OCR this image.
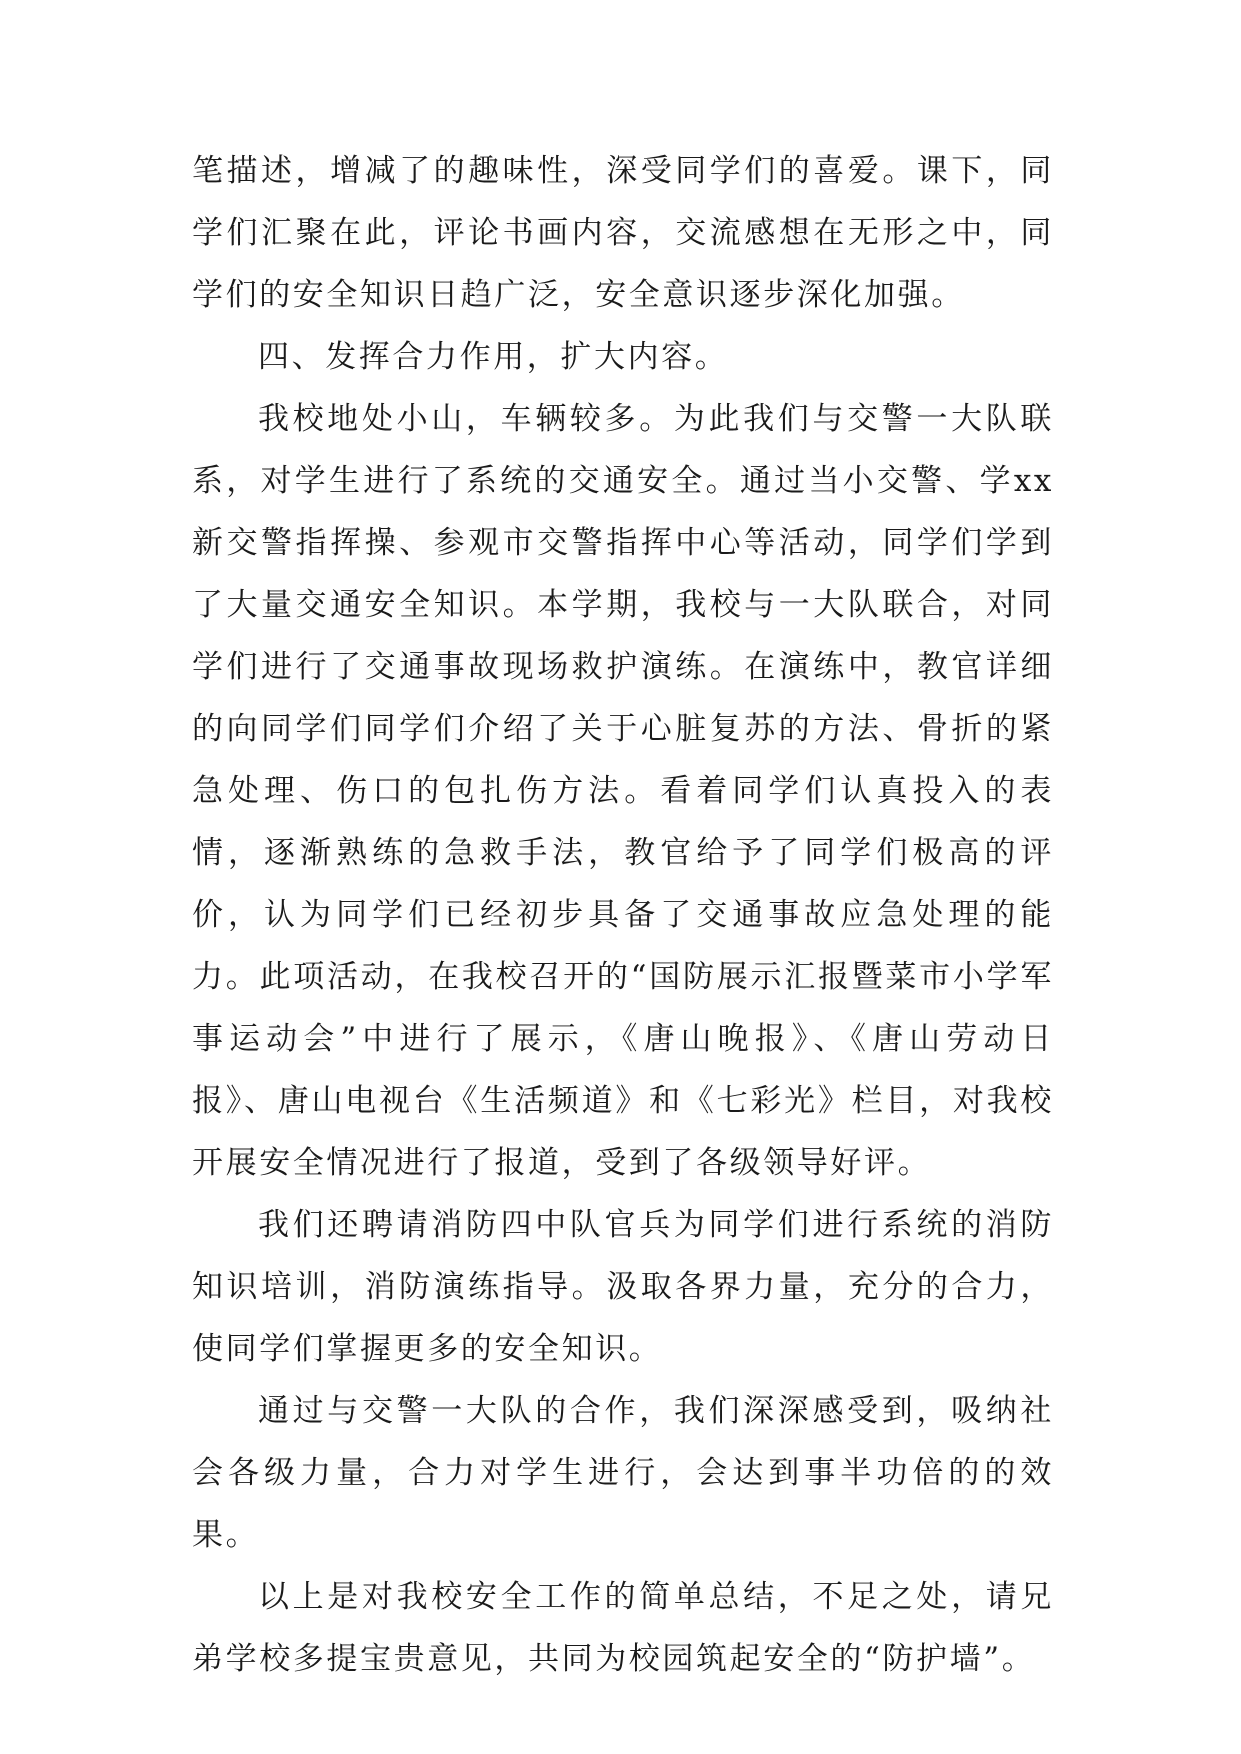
笔描述，增减了的趣味性，深受同学们的喜爱。课下，同学们汇聚在此，评论书画内容，交流感想在无形之中，同学们的安全知识日趋广泛，安全意识逐步深化加强。

四、发挥合力作用，扩大内容。

我校地处小山，车辆较多。为此我们与交警一大队联系，对学生进行了系统的交通安全。通过当小交警、学xx新交警指挥操、参观市交警指挥中心等活动，同学们学到了大量交通安全知识。本学期，我校与一大队联合，对同学们进行了交通事故现场救护演练。在演练中，教官详细的向同学们同学们介绍了关于心脏复苏的方法、骨折的紧急处理、伤口的包扎伤方法。看着同学们认真投入的表情，逐渐熟练的急救手法，教官给予了同学们极高的评价，认为同学们已经初步具备了交通事故应急处理的能力。此项活动，在我校召开的“国防展示汇报暨菜市小学军事运动会”中进行了展示，《唐山晚报》、《唐山劳动日报》、唐山电视台《生活频道》和《七彩光》栏目，对我校开展安全情况进行了报道，受到了各级领导好评。

我们还聘请消防四中队官兵为同学们进行系统的消防知识培训，消防演练指导。汲取各界力量，充分的合力，使同学们掌握更多的安全知识。

通过与交警一大队的合作，我们深深感受到，吸纳社会各级力量，合力对学生进行，会达到事半功倍的的效果。

以上是对我校安全工作的简单总结，不足之处，请兄弟学校多提宝贵意见，共同为校园筑起安全的“防护墙”。
